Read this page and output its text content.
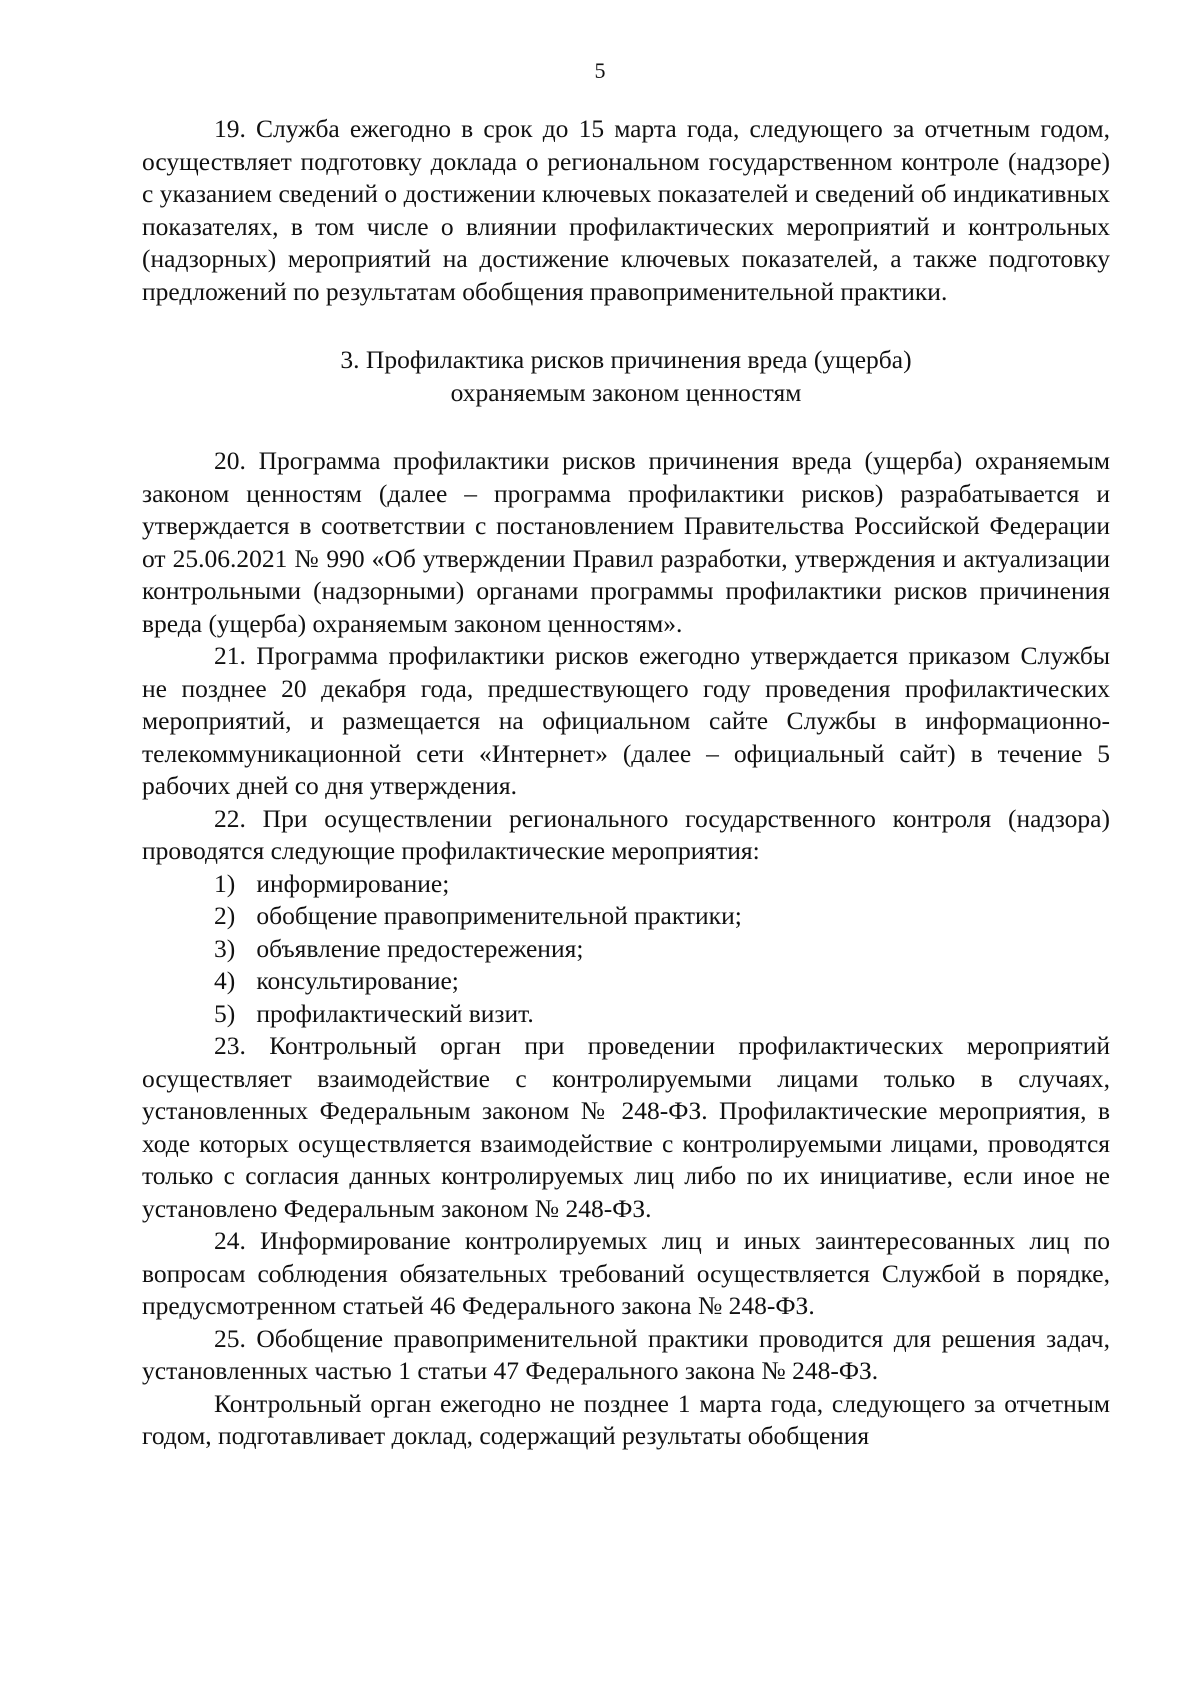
5

19. Служба ежегодно в срок до 15 марта года, следующего за отчетным годом, осуществляет подготовку доклада о региональном государственном контроле (надзоре) с указанием сведений о достижении ключевых показателей и сведений об индикативных показателях, в том числе о влиянии профилактических мероприятий и контрольных (надзорных) мероприятий на достижение ключевых показателей, а также подготовку предложений по результатам обобщения правоприменительной практики.

3. Профилактика рисков причинения вреда (ущерба)
охраняемым законом ценностям

20. Программа профилактики рисков причинения вреда (ущерба) охраняемым законом ценностям (далее – программа профилактики рисков) разрабатывается и утверждается в соответствии с постановлением Правительства Российской Федерации от 25.06.2021 № 990 «Об утверждении Правил разработки, утверждения и актуализации контрольными (надзорными) органами программы профилактики рисков причинения вреда (ущерба) охраняемым законом ценностям».

21. Программа профилактики рисков ежегодно утверждается приказом Службы не позднее 20 декабря года, предшествующего году проведения профилактических мероприятий, и размещается на официальном сайте Службы в информационно-телекоммуникационной сети «Интернет» (далее – официальный сайт) в течение 5 рабочих дней со дня утверждения.

22. При осуществлении регионального государственного контроля (надзора) проводятся следующие профилактические мероприятия:

1) информирование;
2) обобщение правоприменительной практики;
3) объявление предостережения;
4) консультирование;
5) профилактический визит.

23. Контрольный орган при проведении профилактических мероприятий осуществляет взаимодействие с контролируемыми лицами только в случаях, установленных Федеральным законом № 248-ФЗ. Профилактические мероприятия, в ходе которых осуществляется взаимодействие с контролируемыми лицами, проводятся только с согласия данных контролируемых лиц либо по их инициативе, если иное не установлено Федеральным законом № 248-ФЗ.

24. Информирование контролируемых лиц и иных заинтересованных лиц по вопросам соблюдения обязательных требований осуществляется Службой в порядке, предусмотренном статьей 46 Федерального закона № 248-ФЗ.

25. Обобщение правоприменительной практики проводится для решения задач, установленных частью 1 статьи 47 Федерального закона № 248-ФЗ.

Контрольный орган ежегодно не позднее 1 марта года, следующего за отчетным годом, подготавливает доклад, содержащий результаты обобщения
